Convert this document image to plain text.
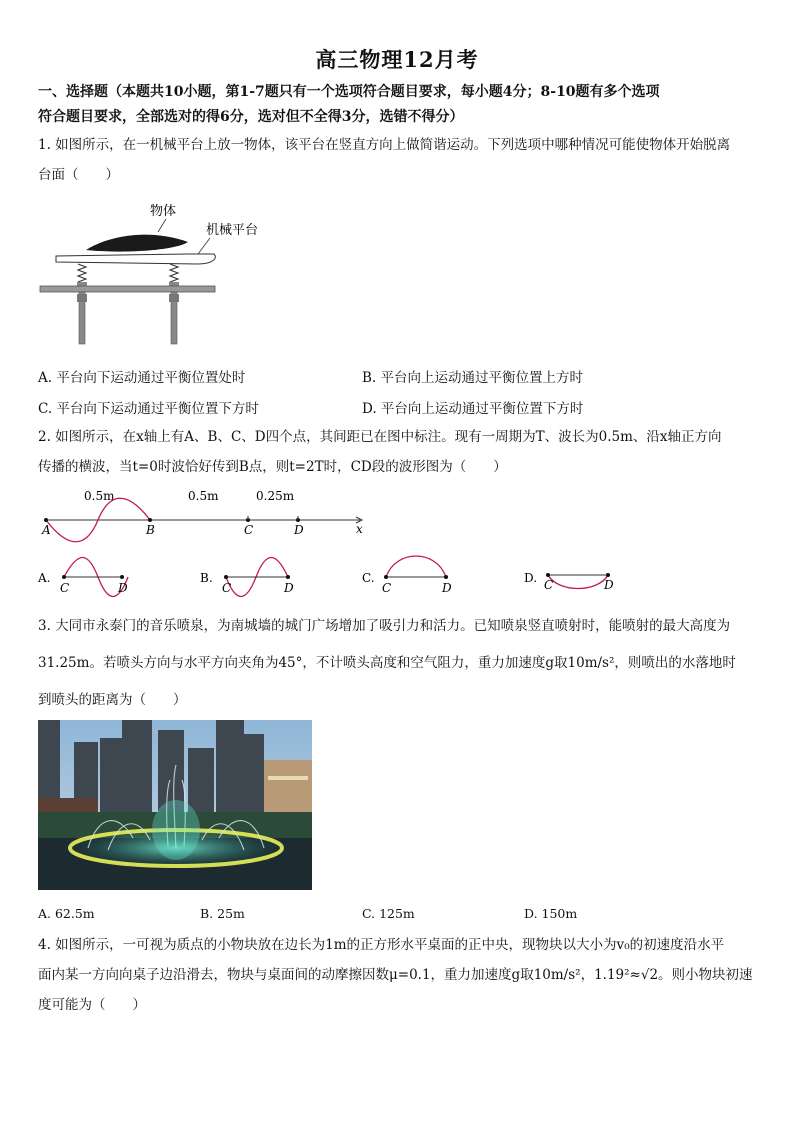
高三物理12月考
一、选择题（本题共10小题，第1-7题只有一个选项符合题目要求，每小题4分；8-10题有多个选项
符合题目要求，全部选对的得6分，选对但不全得3分，选错不得分）
1. 如图所示，在一机械平台上放一物体，该平台在竖直方向上做简谐运动。下列选项中哪种情况可能使物体开始脱离
台面（　　）
物体
机械平台
A. 平台向下运动通过平衡位置处时	B. 平台向上运动通过平衡位置上方时
C. 平台向下运动通过平衡位置下方时	D. 平台向上运动通过平衡位置下方时
2. 如图所示，在x轴上有A、B、C、D四个点，其间距已在图中标注。现有一周期为T、波长为0.5m、沿x轴正方向
传播的横波，当t=0时波恰好传到B点，则t=2T时，CD段的波形图为（　　）
0.5m	0.5m	0.25m
A	B	C	D	x
A.
C	D
B.
C	D
C.
C	D
D. C	D
3. 大同市永泰门的音乐喷泉，为南城墙的城门广场增加了吸引力和活力。已知喷泉竖直喷射时，能喷射的最大高度为
31.25m。若喷头方向与水平方向夹角为45°，不计喷头高度和空气阻力，重力加速度g取10m/s²，则喷出的水落地时
到喷头的距离为（　　）
A. 62.5m	B. 25m	C. 125m	D. 150m
4. 如图所示，一可视为质点的小物块放在边长为1m的正方形水平桌面的正中央，现物块以大小为v₀的初速度沿水平
面内某一方向向桌子边沿滑去，物块与桌面间的动摩擦因数μ=0.1，重力加速度g取10m/s²，1.19²≈√2。则小物块初速
度可能为（　　）
